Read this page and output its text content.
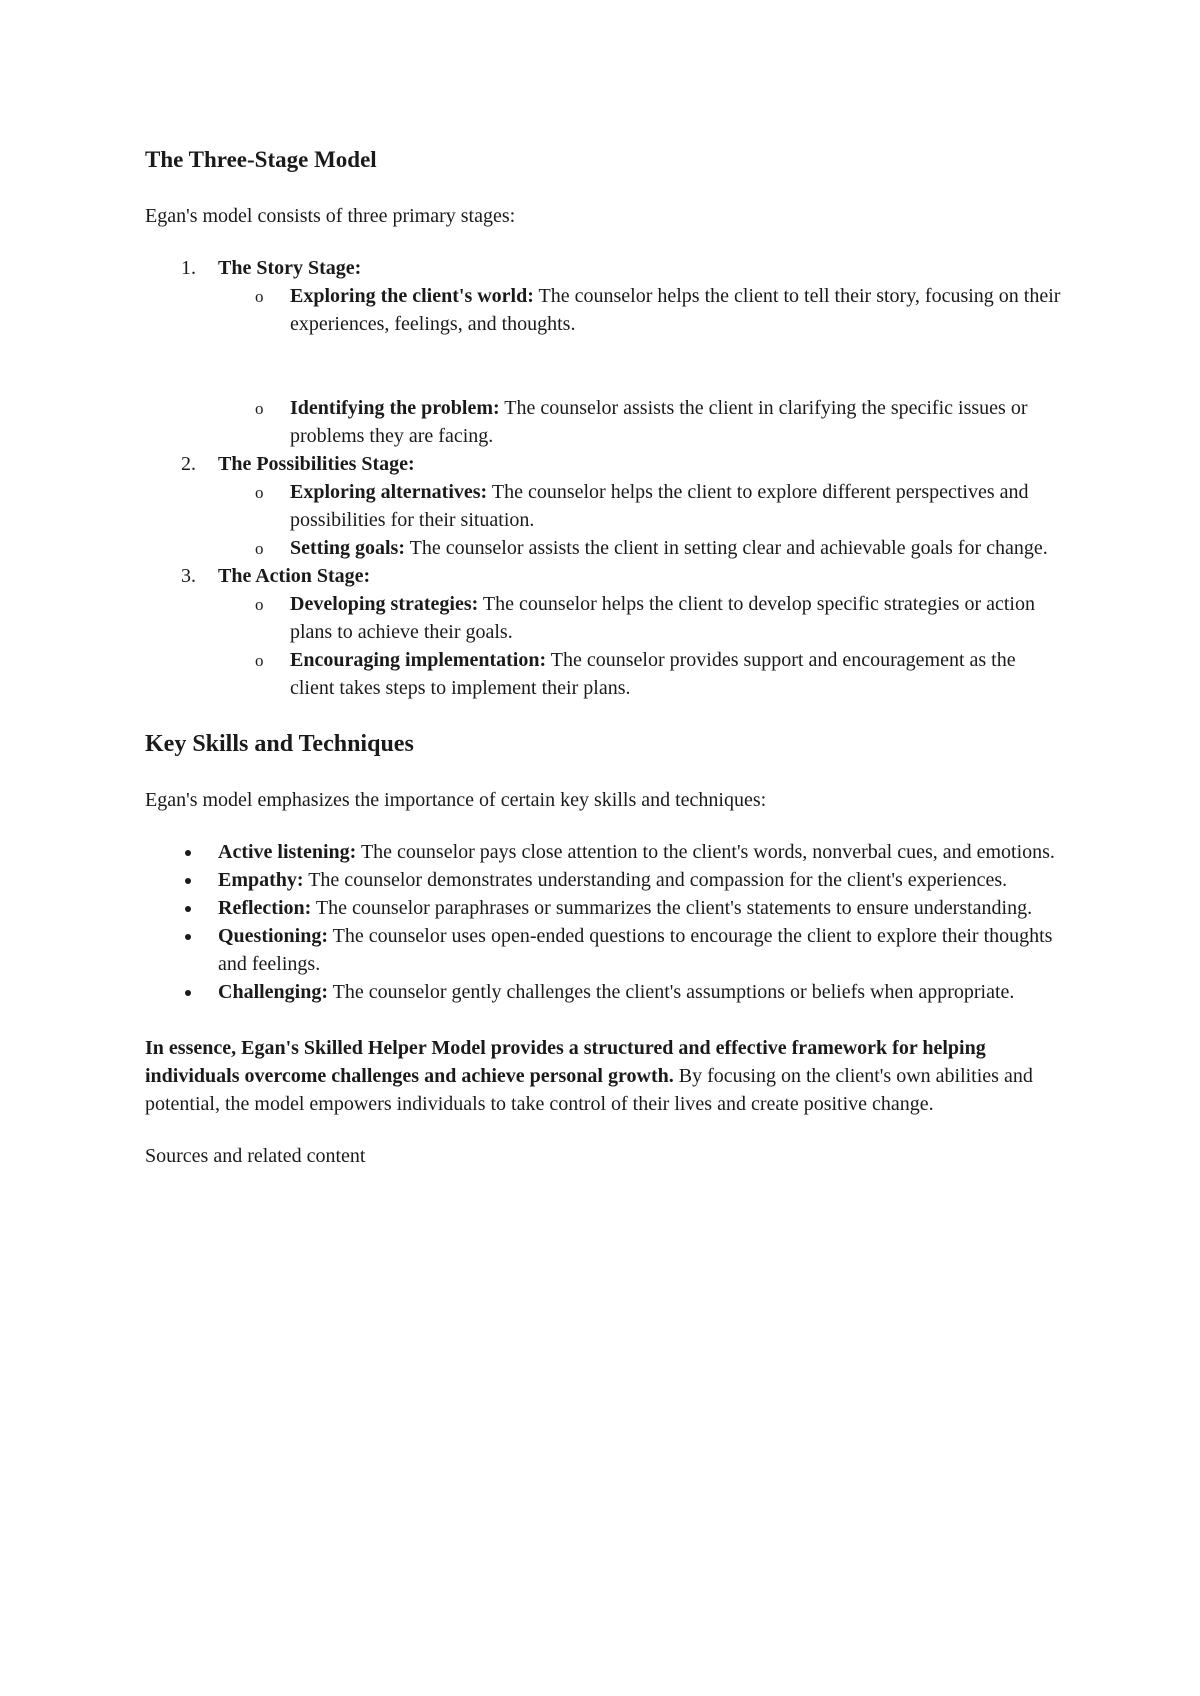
The Three-Stage Model

Egan's model consists of three primary stages:

1. The Story Stage:
o Exploring the client's world: The counselor helps the client to tell their story, focusing on their experiences, feelings, and thoughts.
o Identifying the problem: The counselor assists the client in clarifying the specific issues or problems they are facing.
2. The Possibilities Stage:
o Exploring alternatives: The counselor helps the client to explore different perspectives and possibilities for their situation.
o Setting goals: The counselor assists the client in setting clear and achievable goals for change.
3. The Action Stage:
o Developing strategies: The counselor helps the client to develop specific strategies or action plans to achieve their goals.
o Encouraging implementation: The counselor provides support and encouragement as the client takes steps to implement their plans.
Key Skills and Techniques

Egan's model emphasizes the importance of certain key skills and techniques:

Active listening: The counselor pays close attention to the client's words, nonverbal cues, and emotions.
Empathy: The counselor demonstrates understanding and compassion for the client's experiences.
Reflection: The counselor paraphrases or summarizes the client's statements to ensure understanding.
Questioning: The counselor uses open-ended questions to encourage the client to explore their thoughts and feelings.
Challenging: The counselor gently challenges the client's assumptions or beliefs when appropriate.

In essence, Egan's Skilled Helper Model provides a structured and effective framework for helping individuals overcome challenges and achieve personal growth. By focusing on the client's own abilities and potential, the model empowers individuals to take control of their lives and create positive change.

Sources and related content
